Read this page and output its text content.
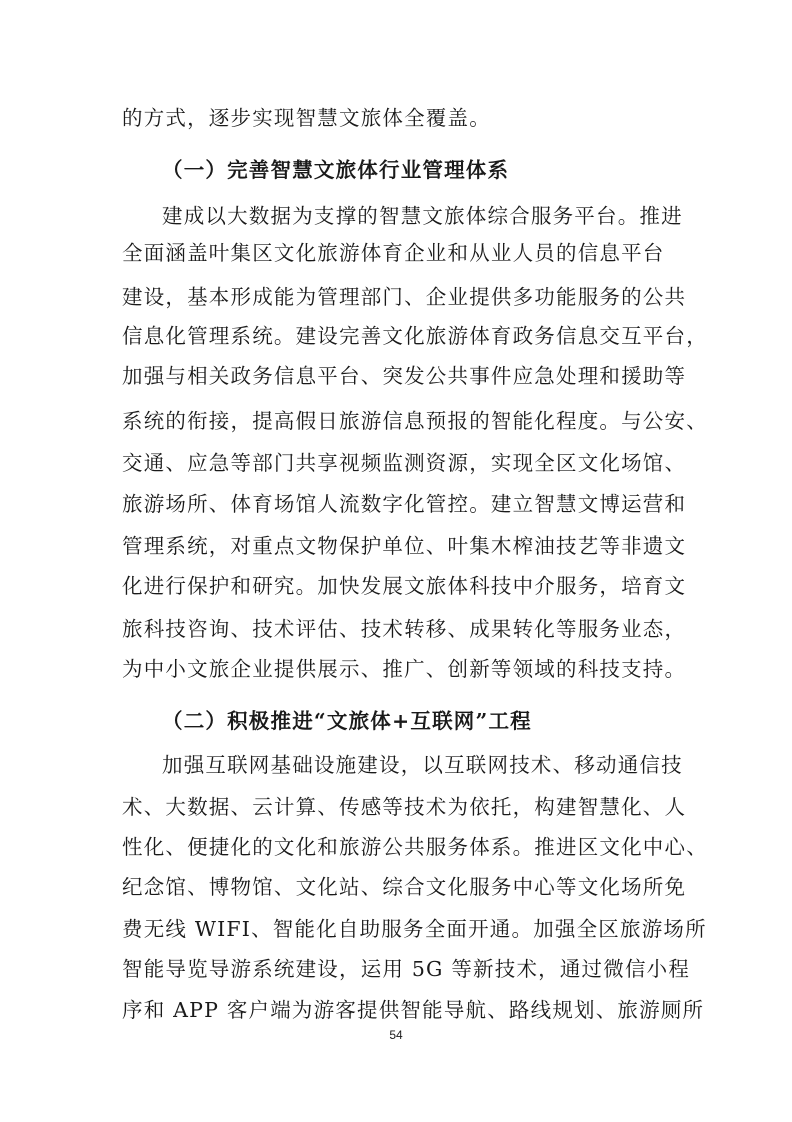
的方式，逐步实现智慧文旅体全覆盖。
（一）完善智慧文旅体行业管理体系
建成以大数据为支撑的智慧文旅体综合服务平台。推进
全面涵盖叶集区文化旅游体育企业和从业人员的信息平台
建设，基本形成能为管理部门、企业提供多功能服务的公共
信息化管理系统。建设完善文化旅游体育政务信息交互平台，
加强与相关政务信息平台、突发公共事件应急处理和援助等
系统的衔接，提高假日旅游信息预报的智能化程度。与公安、
交通、应急等部门共享视频监测资源，实现全区文化场馆、
旅游场所、体育场馆人流数字化管控。建立智慧文博运营和
管理系统，对重点文物保护单位、叶集木榨油技艺等非遗文
化进行保护和研究。加快发展文旅体科技中介服务，培育文
旅科技咨询、技术评估、技术转移、成果转化等服务业态，
为中小文旅企业提供展示、推广、创新等领域的科技支持。
（二）积极推进“文旅体+互联网”工程
加强互联网基础设施建设，以互联网技术、移动通信技
术、大数据、云计算、传感等技术为依托，构建智慧化、人
性化、便捷化的文化和旅游公共服务体系。推进区文化中心、
纪念馆、博物馆、文化站、综合文化服务中心等文化场所免
费无线 WIFI、智能化自助服务全面开通。加强全区旅游场所
智能导览导游系统建设，运用 5G 等新技术，通过微信小程
序和 APP 客户端为游客提供智能导航、路线规划、旅游厕所
54
